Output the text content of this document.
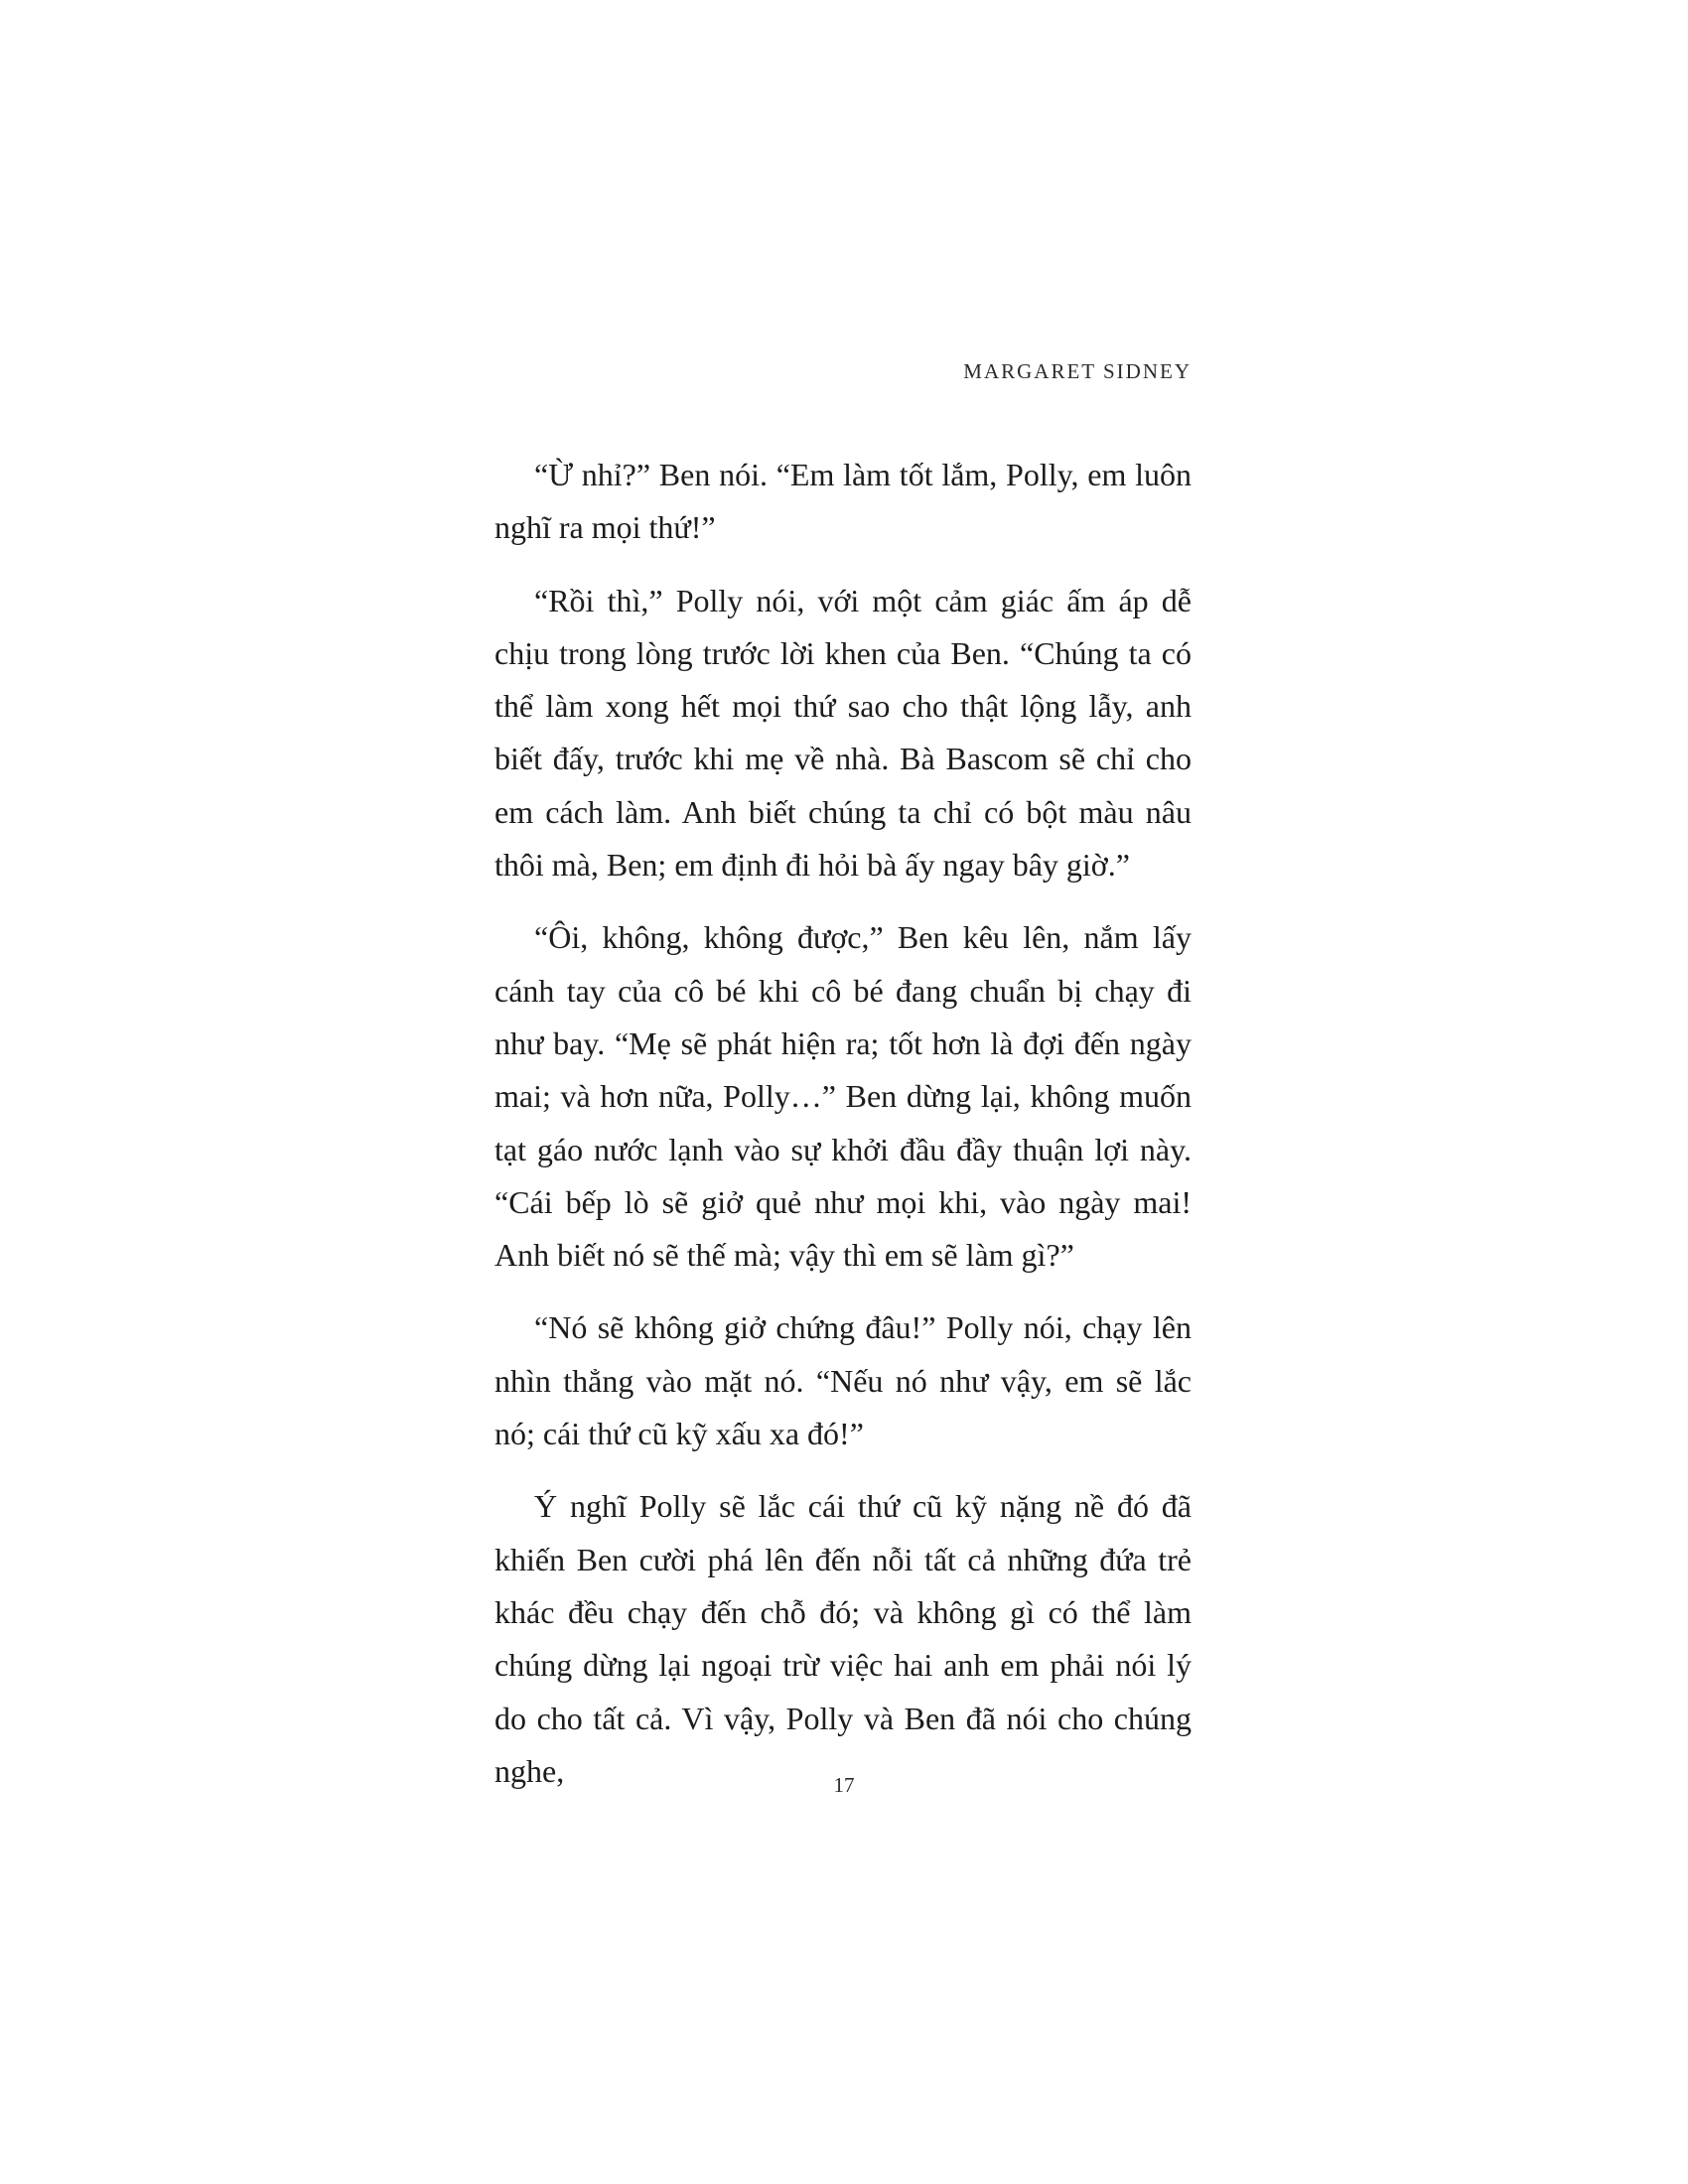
MARGARET SIDNEY

“Ừ nhỉ?” Ben nói. “Em làm tốt lắm, Polly, em luôn nghĩ ra mọi thứ!”

“Rồi thì,” Polly nói, với một cảm giác ấm áp dễ chịu trong lòng trước lời khen của Ben. “Chúng ta có thể làm xong hết mọi thứ sao cho thật lộng lẫy, anh biết đấy, trước khi mẹ về nhà. Bà Bascom sẽ chỉ cho em cách làm. Anh biết chúng ta chỉ có bột màu nâu thôi mà, Ben; em định đi hỏi bà ấy ngay bây giờ.”

“Ôi, không, không được,” Ben kêu lên, nắm lấy cánh tay của cô bé khi cô bé đang chuẩn bị chạy đi như bay. “Mẹ sẽ phát hiện ra; tốt hơn là đợi đến ngày mai; và hơn nữa, Polly…” Ben dừng lại, không muốn tạt gáo nước lạnh vào sự khởi đầu đầy thuận lợi này. “Cái bếp lò sẽ giở quẻ như mọi khi, vào ngày mai! Anh biết nó sẽ thế mà; vậy thì em sẽ làm gì?”

“Nó sẽ không giở chứng đâu!” Polly nói, chạy lên nhìn thẳng vào mặt nó. “Nếu nó như vậy, em sẽ lắc nó; cái thứ cũ kỹ xấu xa đó!”

Ý nghĩ Polly sẽ lắc cái thứ cũ kỹ nặng nề đó đã khiến Ben cười phá lên đến nỗi tất cả những đứa trẻ khác đều chạy đến chỗ đó; và không gì có thể làm chúng dừng lại ngoại trừ việc hai anh em phải nói lý do cho tất cả. Vì vậy, Polly và Ben đã nói cho chúng nghe,	17
